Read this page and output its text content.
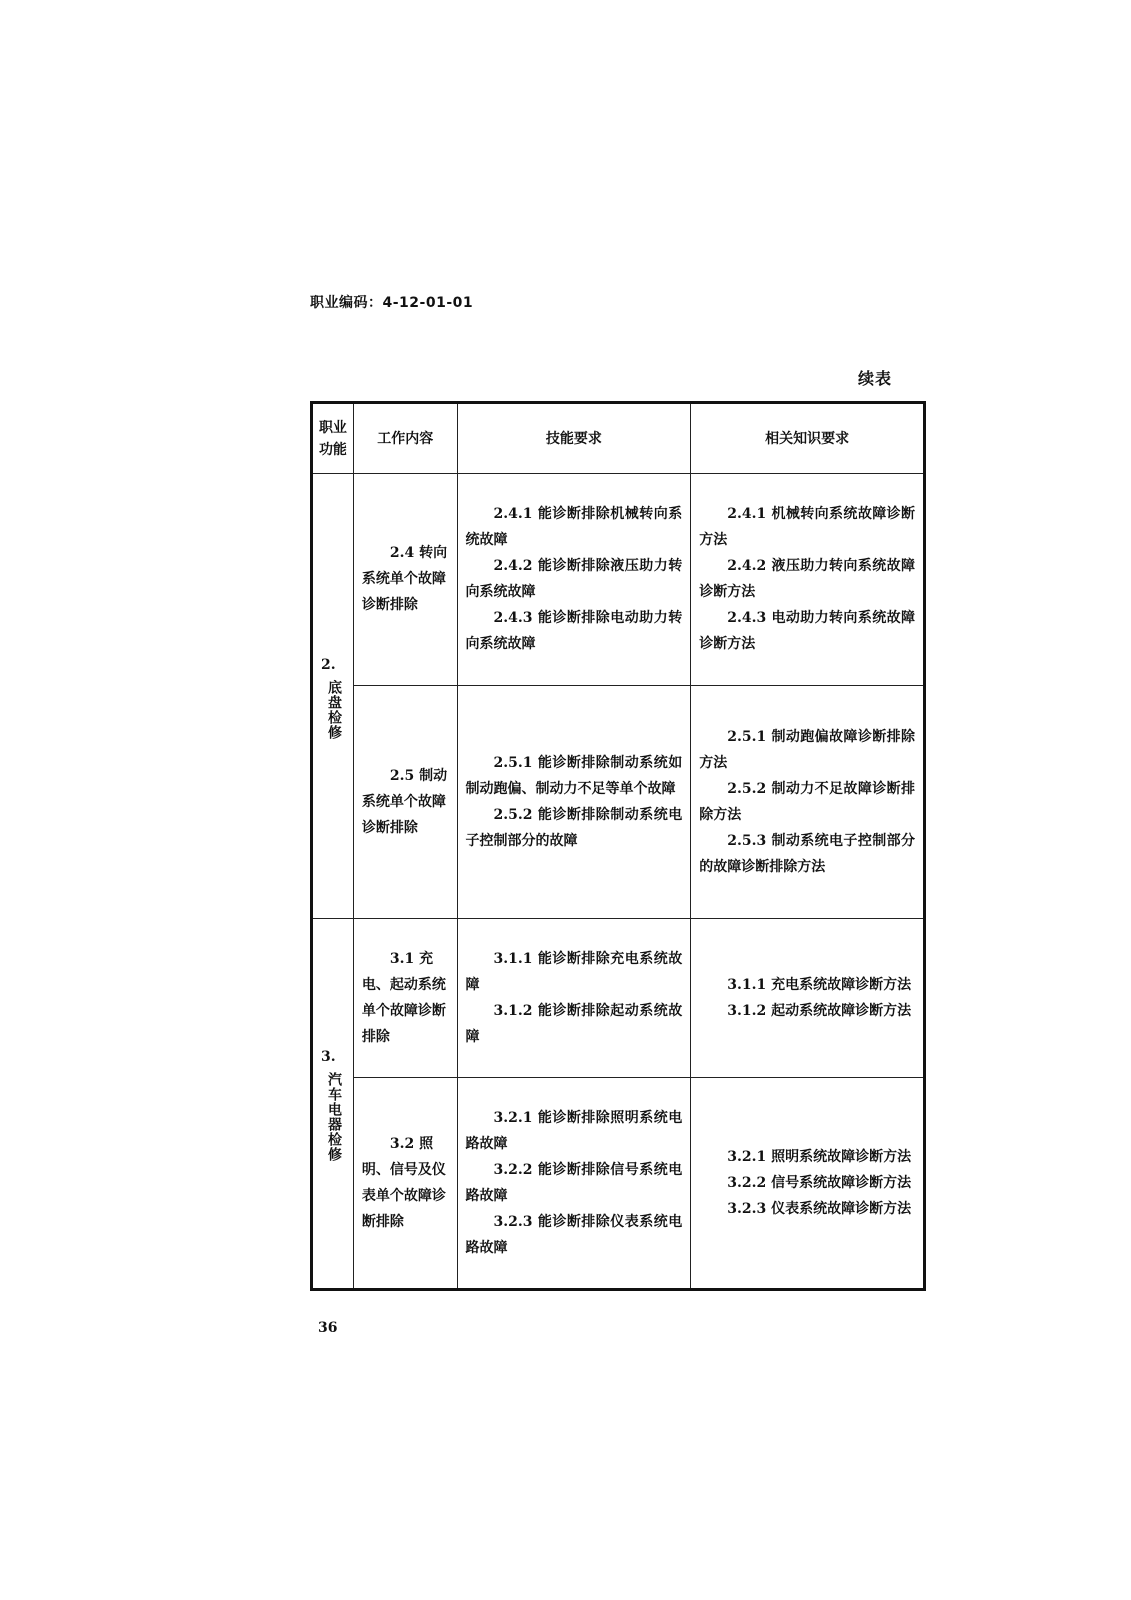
职业编码：4-12-01-01
续表
职业功能	工作内容	技能要求	相关知识要求

2.
底盘检修	2.4 转向系统单个故障诊断排除	2.4.1 能诊断排除机械转向系统故障
2.4.2 能诊断排除液压助力转向系统故障
2.4.3 能诊断排除电动助力转向系统故障	2.4.1 机械转向系统故障诊断方法
2.4.2 液压助力转向系统故障诊断方法
2.4.3 电动助力转向系统故障诊断方法

	2.5 制动系统单个故障诊断排除	2.5.1 能诊断排除制动系统如制动跑偏、制动力不足等单个故障
2.5.2 能诊断排除制动系统电子控制部分的故障	2.5.1 制动跑偏故障诊断排除方法
2.5.2 制动力不足故障诊断排除方法
2.5.3 制动系统电子控制部分的故障诊断排除方法

3.
汽车电器检修	3.1 充电、起动系统单个故障诊断排除	3.1.1 能诊断排除充电系统故障
3.1.2 能诊断排除起动系统故障	3.1.1 充电系统故障诊断方法
3.1.2 起动系统故障诊断方法

	3.2 照明、信号及仪表单个故障诊断排除	3.2.1 能诊断排除照明系统电路故障
3.2.2 能诊断排除信号系统电路故障
3.2.3 能诊断排除仪表系统电路故障	3.2.1 照明系统故障诊断方法
3.2.2 信号系统故障诊断方法
3.2.3 仪表系统故障诊断方法
36
